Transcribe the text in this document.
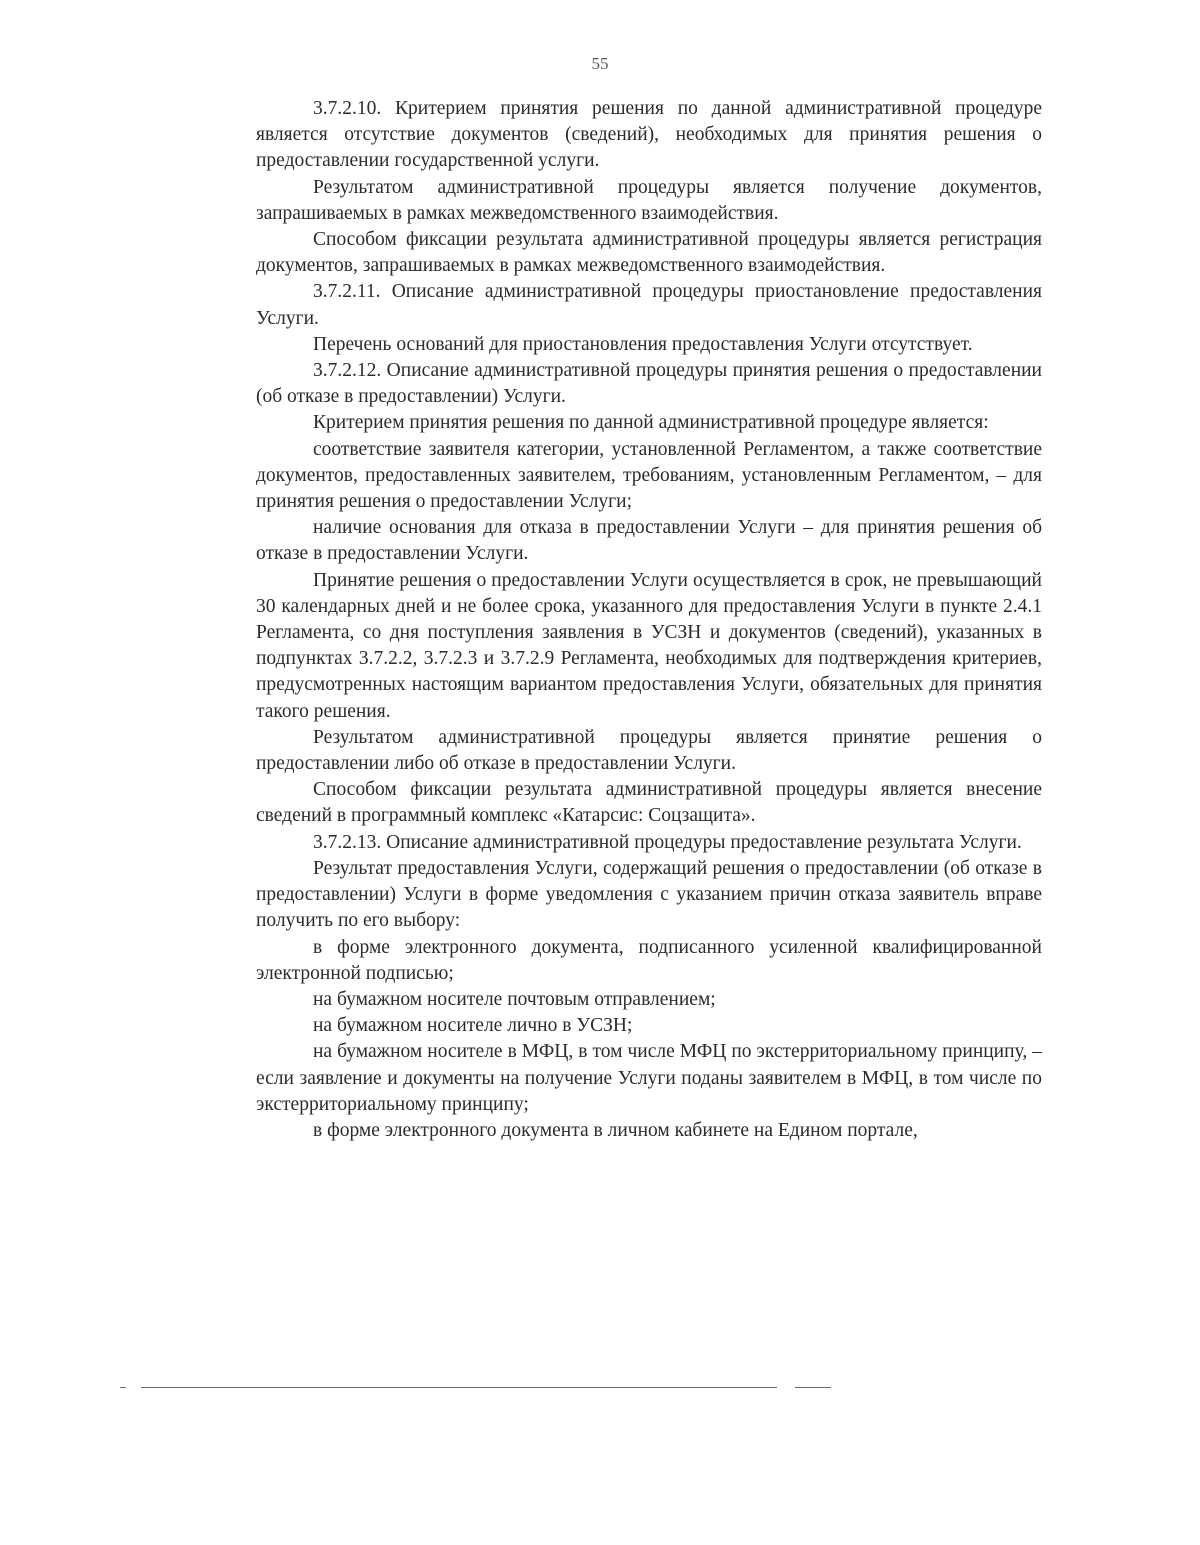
55

3.7.2.10. Критерием принятия решения по данной административной процедуре является отсутствие документов (сведений), необходимых для принятия решения о предоставлении государственной услуги.

Результатом административной процедуры является получение документов, запрашиваемых в рамках межведомственного взаимодействия.

Способом фиксации результата административной процедуры является регистрация документов, запрашиваемых в рамках межведомственного взаимодействия.

3.7.2.11. Описание административной процедуры приостановление предоставления Услуги.

Перечень оснований для приостановления предоставления Услуги отсутствует.

3.7.2.12. Описание административной процедуры принятия решения о предоставлении (об отказе в предоставлении) Услуги.

Критерием принятия решения по данной административной процедуре является:

соответствие заявителя категории, установленной Регламентом, а также соответствие документов, предоставленных заявителем, требованиям, установленным Регламентом, – для принятия решения о предоставлении Услуги;

наличие основания для отказа в предоставлении Услуги – для принятия решения об отказе в предоставлении Услуги.

Принятие решения о предоставлении Услуги осуществляется в срок, не превышающий 30 календарных дней и не более срока, указанного для предоставления Услуги в пункте 2.4.1 Регламента, со дня поступления заявления в УСЗН и документов (сведений), указанных в подпунктах 3.7.2.2, 3.7.2.3 и 3.7.2.9 Регламента, необходимых для подтверждения критериев, предусмотренных настоящим вариантом предоставления Услуги, обязательных для принятия такого решения.

Результатом административной процедуры является принятие решения о предоставлении либо об отказе в предоставлении Услуги.

Способом фиксации результата административной процедуры является внесение сведений в программный комплекс «Катарсис: Соцзащита».

3.7.2.13. Описание административной процедуры предоставление результата Услуги.

Результат предоставления Услуги, содержащий решения о предоставлении (об отказе в предоставлении) Услуги в форме уведомления с указанием причин отказа заявитель вправе получить по его выбору:

в форме электронного документа, подписанного усиленной квалифицированной электронной подписью;

на бумажном носителе почтовым отправлением;

на бумажном носителе лично в УСЗН;

на бумажном носителе в МФЦ, в том числе МФЦ по экстерриториальному принципу, – если заявление и документы на получение Услуги поданы заявителем в МФЦ, в том числе по экстерриториальному принципу;

в форме электронного документа в личном кабинете на Едином портале,
